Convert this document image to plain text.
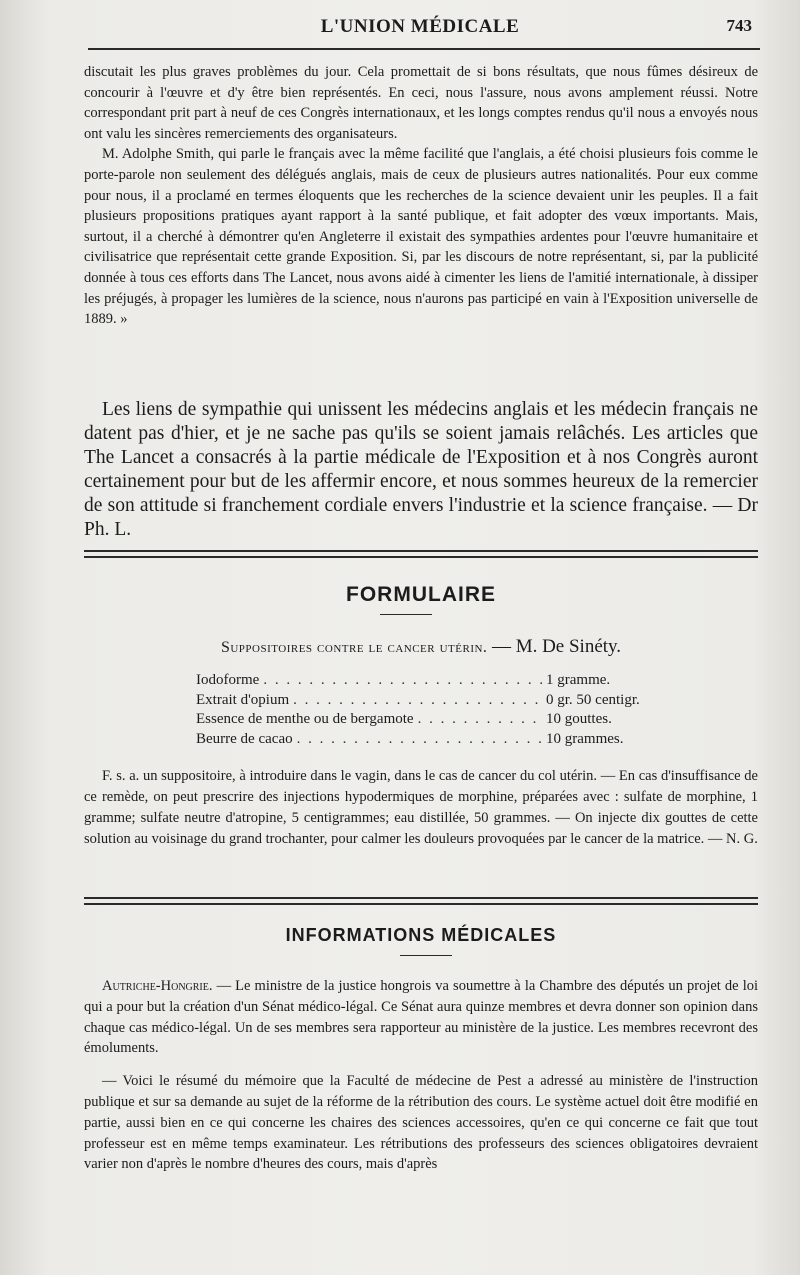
L'UNION MÉDICALE	743

discutait les plus graves problèmes du jour. Cela promettait de si bons résultats, que nous fûmes désireux de concourir à l'œuvre et d'y être bien représentés. En ceci, nous l'assure, nous avons amplement réussi. Notre correspondant prit part à neuf de ces Congrès internationaux, et les longs comptes rendus qu'il nous a envoyés nous ont valu les sincères remerciements des organisateurs.

M. Adolphe Smith, qui parle le français avec la même facilité que l'anglais, a été choisi plusieurs fois comme le porte-parole non seulement des délégués anglais, mais de ceux de plusieurs autres nationalités. Pour eux comme pour nous, il a proclamé en termes éloquents que les recherches de la science devaient unir les peuples. Il a fait plusieurs propositions pratiques ayant rapport à la santé publique, et fait adopter des vœux importants. Mais, surtout, il a cherché à démontrer qu'en Angleterre il existait des sympathies ardentes pour l'œuvre humanitaire et civilisatrice que représentait cette grande Exposition. Si, par les discours de notre représentant, si, par la publicité donnée à tous ces efforts dans The Lancet, nous avons aidé à cimenter les liens de l'amitié internationale, à dissiper les préjugés, à propager les lumières de la science, nous n'aurons pas participé en vain à l'Exposition universelle de 1889. »

Les liens de sympathie qui unissent les médecins anglais et les médecin français ne datent pas d'hier, et je ne sache pas qu'ils se soient jamais relâchés. Les articles que The Lancet a consacrés à la partie médicale de l'Exposition et à nos Congrès auront certainement pour but de les affermir encore, et nous sommes heureux de la remercier de son attitude si franchement cordiale envers l'industrie et la science française. — Dr Ph. L.

FORMULAIRE
Suppositoires contre le cancer utérin. — M. De Sinéty.
Iodoforme . . .	1 gramme.
Extrait d'opium . . .	0 gr. 50 centigr.
Essence de menthe ou de bergamote . . .	10 gouttes.
Beurre de cacao . . .	10 grammes.

F. s. a. un suppositoire, à introduire dans le vagin, dans le cas de cancer du col utérin. — En cas d'insuffisance de ce remède, on peut prescrire des injections hypodermiques de morphine, préparées avec : sulfate de morphine, 1 gramme; sulfate neutre d'atropine, 5 centigrammes; eau distillée, 50 grammes. — On injecte dix gouttes de cette solution au voisinage du grand trochanter, pour calmer les douleurs provoquées par le cancer de la matrice. — N. G.

INFORMATIONS MÉDICALES

Autriche-Hongrie. — Le ministre de la justice hongrois va soumettre à la Chambre des députés un projet de loi qui a pour but la création d'un Sénat médico-légal. Ce Sénat aura quinze membres et devra donner son opinion dans chaque cas médico-légal. Un de ses membres sera rapporteur au ministère de la justice. Les membres recevront des émoluments.

— Voici le résumé du mémoire que la Faculté de médecine de Pest a adressé au ministère de l'instruction publique et sur sa demande au sujet de la réforme de la rétribution des cours. Le système actuel doit être modifié en partie, aussi bien en ce qui concerne les chaires des sciences accessoires, qu'en ce qui concerne ce fait que tout professeur est en même temps examinateur. Les rétributions des professeurs des sciences obligatoires devraient varier non d'après le nombre d'heures des cours, mais d'après
